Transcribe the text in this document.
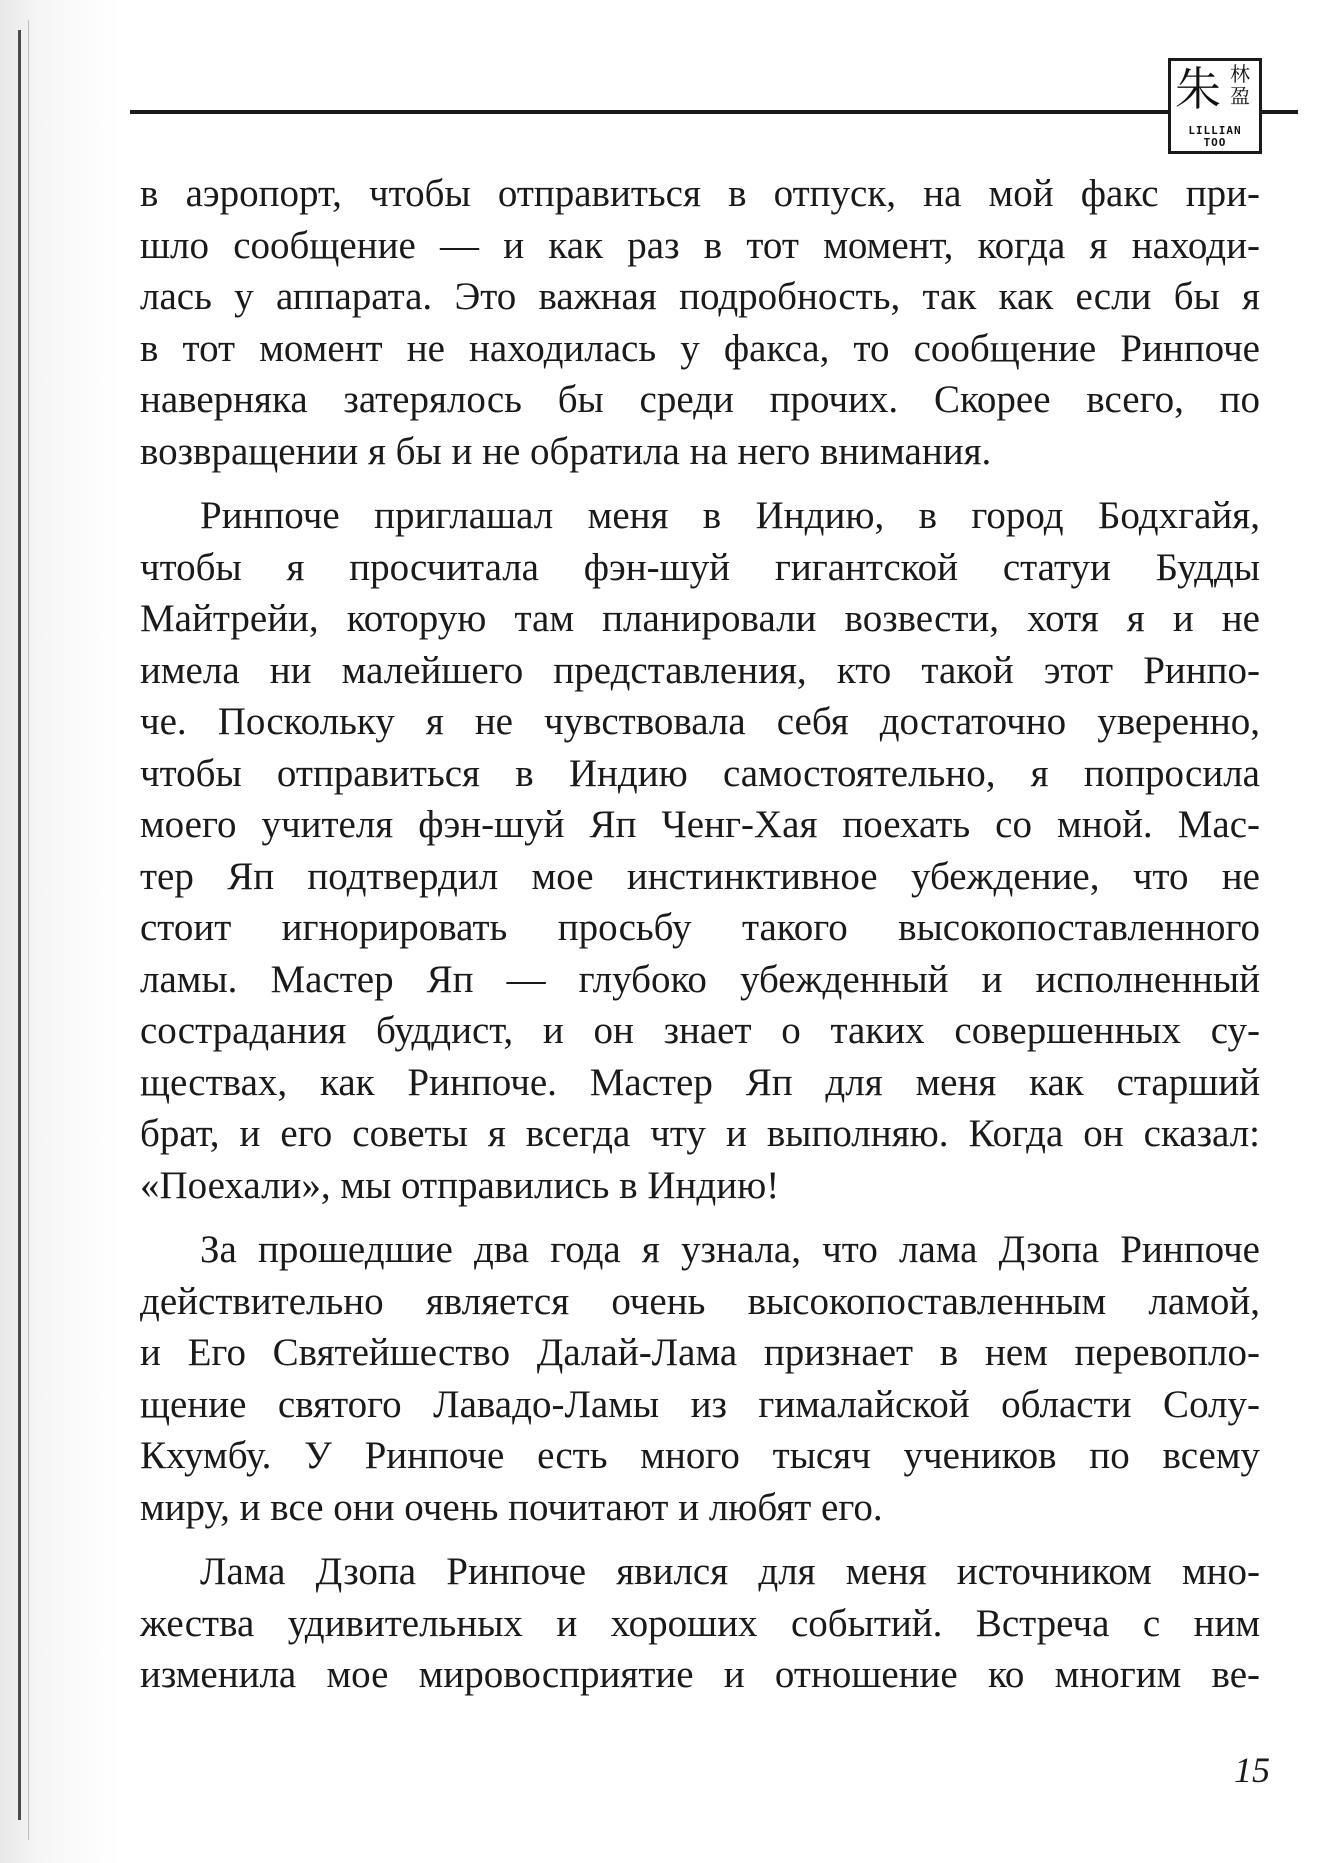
朱 林
盈
LILLIAN
TOO
в аэропорт, чтобы отправиться в отпуск, на мой факс при-
шло сообщение — и как раз в тот момент, когда я находи-
лась у аппарата. Это важная подробность, так как если бы я
в тот момент не находилась у факса, то сообщение Ринпоче
наверняка затерялось бы среди прочих. Скорее всего, по
возвращении я бы и не обратила на него внимания.
Ринпоче приглашал меня в Индию, в город Бодхгайя,
чтобы я просчитала фэн-шуй гигантской статуи Будды
Майтрейи, которую там планировали возвести, хотя я и не
имела ни малейшего представления, кто такой этот Ринпо-
че. Поскольку я не чувствовала себя достаточно уверенно,
чтобы отправиться в Индию самостоятельно, я попросила
моего учителя фэн-шуй Яп Ченг-Хая поехать со мной. Мас-
тер Яп подтвердил мое инстинктивное убеждение, что не
стоит игнорировать просьбу такого высокопоставленного
ламы. Мастер Яп — глубоко убежденный и исполненный
сострадания буддист, и он знает о таких совершенных су-
ществах, как Ринпоче. Мастер Яп для меня как старший
брат, и его советы я всегда чту и выполняю. Когда он сказал:
«Поехали», мы отправились в Индию!
За прошедшие два года я узнала, что лама Дзопа Ринпоче
действительно является очень высокопоставленным ламой,
и Его Святейшество Далай-Лама признает в нем перевопло-
щение святого Лавадо-Ламы из гималайской области Солу-
Кхумбу. У Ринпоче есть много тысяч учеников по всему
миру, и все они очень почитают и любят его.
Лама Дзопа Ринпоче явился для меня источником мно-
жества удивительных и хороших событий. Встреча с ним
изменила мое мировосприятие и отношение ко многим ве-
15
